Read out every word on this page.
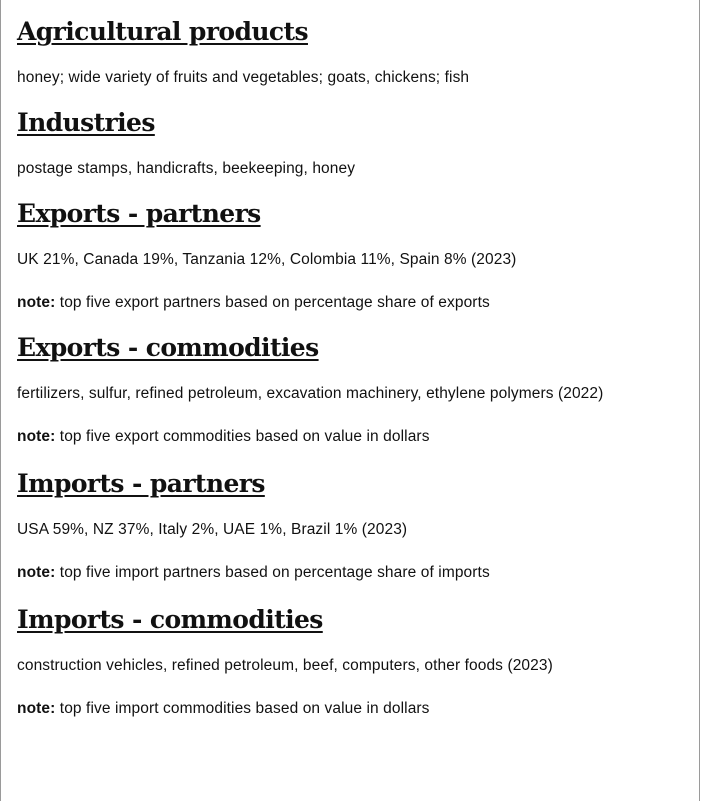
Agricultural products

honey; wide variety of fruits and vegetables; goats, chickens; fish

Industries

postage stamps, handicrafts, beekeeping, honey

Exports - partners

UK 21%, Canada 19%, Tanzania 12%, Colombia 11%, Spain 8% (2023)

note: top five export partners based on percentage share of exports

Exports - commodities

fertilizers, sulfur, refined petroleum, excavation machinery, ethylene polymers (2022)

note: top five export commodities based on value in dollars

Imports - partners

USA 59%, NZ 37%, Italy 2%, UAE 1%, Brazil 1% (2023)

note: top five import partners based on percentage share of imports

Imports - commodities

construction vehicles, refined petroleum, beef, computers, other foods (2023)

note: top five import commodities based on value in dollars
